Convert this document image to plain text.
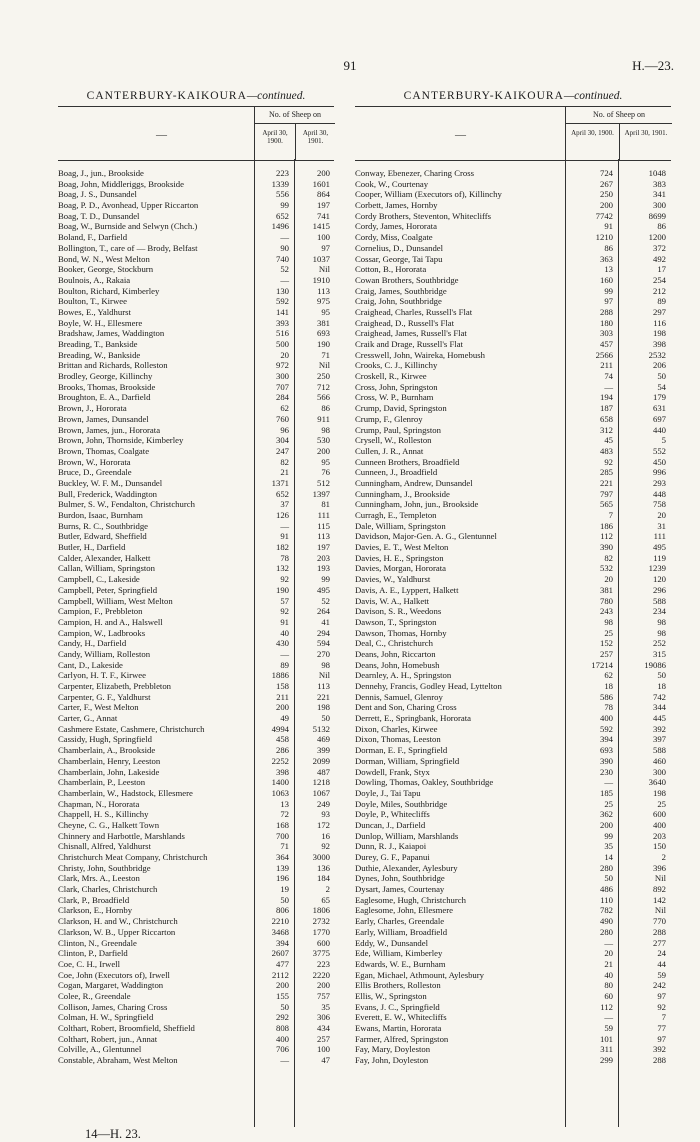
91	H.—23.
CANTERBURY-KAIKOURA—continued.
—
No. of Sheep on
April 30, 1900.
April 30, 1901.
Boag, J., jun., Brookside	223	200
Boag, John, Middleriggs, Brookside	1339	1601
Boag, J. S., Dunsandel	556	864
Boag, P. D., Avonhead, Upper Riccarton	99	197
Boag, T. D., Dunsandel	652	741
Boag, W., Burnside and Selwyn (Chch.)	1496	1415
Boland, F., Darfield	—	100
Bollington, T., care of — Brody, Belfast	90	97
Bond, W. N., West Melton	740	1037
Booker, George, Stockburn	52	Nil
Boulnois, A., Rakaia	—	1910
Boulton, Richard, Kimberley	130	113
Boulton, T., Kirwee	592	975
Bowes, E., Yaldhurst	141	95
Boyle, W. H., Ellesmere	393	381
Bradshaw, James, Waddington	516	693
Breading, T., Bankside	500	190
Breading, W., Bankside	20	71
Brittan and Richards, Rolleston	972	Nil
Brodley, George, Killinchy	300	250
Brooks, Thomas, Brookside	707	712
Broughton, E. A., Darfield	284	566
Brown, J., Hororata	62	86
Brown, James, Dunsandel	760	911
Brown, James, jun., Hororata	96	98
Brown, John, Thornside, Kimberley	304	530
Brown, Thomas, Coalgate	247	200
Brown, W., Hororata	82	95
Bruce, D., Greendale	21	76
Buckley, W. F. M., Dunsandel	1371	512
Bull, Frederick, Waddington	652	1397
Bulmer, S. W., Fendalton, Christchurch	37	81
Burdon, Isaac, Burnham	126	111
Burns, R. C., Southbridge	—	115
Butler, Edward, Sheffield	91	113
Butler, H., Darfield	182	197
Calder, Alexander, Halkett	78	203
Callan, William, Springston	132	193
Campbell, C., Lakeside	92	99
Campbell, Peter, Springfield	190	495
Campbell, William, West Melton	57	52
Campion, F., Prebbleton	92	264
Campion, H. and A., Halswell	91	41
Campion, W., Ladbrooks	40	294
Candy, H., Darfield	430	594
Candy, William, Rolleston	—	270
Cant, D., Lakeside	89	98
Carlyon, H. T. F., Kirwee	1886	Nil
Carpenter, Elizabeth, Prebbleton	158	113
Carpenter, G. F., Yaldhurst	211	221
Carter, F., West Melton	200	198
Carter, G., Annat	49	50
Cashmere Estate, Cashmere, Christchurch	4994	5132
Cassidy, Hugh, Springfield	458	469
Chamberlain, A., Brookside	286	399
Chamberlain, Henry, Leeston	2252	2099
Chamberlain, John, Lakeside	398	487
Chamberlain, P., Leeston	1400	1218
Chamberlain, W., Hadstock, Ellesmere	1063	1067
Chapman, N., Hororata	13	249
Chappell, H. S., Killinchy	72	93
Cheyne, C. G., Halkett Town	168	172
Chinnery and Harbottle, Marshlands	700	16
Chisnall, Alfred, Yaldhurst	71	92
Christchurch Meat Company, Christchurch	364	3000
Christy, John, Southbridge	139	136
Clark, Mrs. A., Leeston	196	184
Clark, Charles, Christchurch	19	2
Clark, P., Broadfield	50	65
Clarkson, E., Hornby	806	1806
Clarkson, H. and W., Christchurch	2210	2732
Clarkson, W. B., Upper Riccarton	3468	1770
Clinton, N., Greendale	394	600
Clinton, P., Darfield	2607	3775
Coe, C. H., Irwell	477	223
Coe, John (Executors of), Irwell	2112	2220
Cogan, Margaret, Waddington	200	200
Colee, R., Greendale	155	757
Collison, James, Charing Cross	50	35
Colman, H. W., Springfield	292	306
Colthart, Robert, Broomfield, Sheffield	808	434
Colthart, Robert, jun., Annat	400	257
Colville, A., Glentunnel	706	100
Constable, Abraham, West Melton	—	47
CANTERBURY-KAIKOURA—continued.
—
No. of Sheep on
April 30, 1900.	April 30, 1901.
Conway, Ebenezer, Charing Cross	724	1048
Cook, W., Courtenay	267	383
Cooper, William (Executors of), Killinchy	250	341
Corbett, James, Hornby	200	300
Cordy Brothers, Steventon, Whitecliffs	7742	8699
Cordy, James, Hororata	91	86
Cordy, Miss, Coalgate	1210	1200
Cornelius, D., Dunsandel	86	372
Cossar, George, Tai Tapu	363	492
Cotton, B., Hororata	13	17
Cowan Brothers, Southbridge	160	254
Craig, James, Southbridge	99	212
Craig, John, Southbridge	97	89
Craighead, Charles, Russell's Flat	288	297
Craighead, D., Russell's Flat	180	116
Craighead, James, Russell's Flat	303	198
Craik and Drage, Russell's Flat	457	398
Cresswell, John, Waireka, Homebush	2566	2532
Crooks, C. J., Killinchy	211	206
Croskell, R., Kirwee	74	50
Cross, John, Springston	—	54
Cross, W. P., Burnham	194	179
Crump, David, Springston	187	631
Crump, F., Glenroy	658	697
Crump, Paul, Springston	312	440
Crysell, W., Rolleston	45	5
Cullen, J. R., Annat	483	552
Cunneen Brothers, Broadfield	92	450
Cunneen, J., Broadfield	285	996
Cunningham, Andrew, Dunsandel	221	293
Cunningham, J., Brookside	797	448
Cunningham, John, jun., Brookside	565	758
Curragh, E., Templeton	7	20
Dale, William, Springston	186	31
Davidson, Major-Gen. A. G., Glentunnel	112	111
Davies, E. T., West Melton	390	495
Davies, H. E., Springston	82	119
Davies, Morgan, Hororata	532	1239
Davies, W., Yaldhurst	20	120
Davis, A. E., Lyppert, Halkett	381	296
Davis, W. A., Halkett	780	588
Davison, S. R., Weedons	243	234
Dawson, T., Springston	98	98
Dawson, Thomas, Hornby	25	98
Deal, C., Christchurch	152	252
Deans, John, Riccarton	257	315
Deans, John, Homebush	17214	19086
Dearnley, A. H., Springston	62	50
Dennehy, Francis, Godley Head, Lyttelton	18	18
Dennis, Samuel, Glenroy	586	742
Dent and Son, Charing Cross	78	344
Derrett, E., Springbank, Hororata	400	445
Dixon, Charles, Kirwee	592	392
Dixon, Thomas, Leeston	394	397
Dorman, E. F., Springfield	693	588
Dorman, William, Springfield	390	460
Dowdell, Frank, Styx	230	300
Dowling, Thomas, Oakley, Southbridge	—	3640
Doyle, J., Tai Tapu	185	198
Doyle, Miles, Southbridge	25	25
Doyle, P., Whitecliffs	362	600
Duncan, J., Darfield	200	400
Dunlop, William, Marshlands	99	203
Dunn, R. J., Kaiapoi	35	150
Durey, G. F., Papanui	14	2
Duthie, Alexander, Aylesbury	280	396
Dynes, John, Southbridge	50	Nil
Dysart, James, Courtenay	486	892
Eaglesome, Hugh, Christchurch	110	142
Eaglesome, John, Ellesmere	782	Nil
Early, Charles, Greendale	490	770
Early, William, Broadfield	280	288
Eddy, W., Dunsandel	—	277
Ede, William, Kimberley	20	24
Edwards, W. E., Burnham	21	44
Egan, Michael, Athmount, Aylesbury	40	59
Ellis Brothers, Rolleston	80	242
Ellis, W., Springston	60	97
Evans, J. C., Springfield	112	92
Everett, E. W., Whitecliffs	—	7
Ewans, Martin, Hororata	59	77
Farmer, Alfred, Springston	101	97
Fay, Mary, Doyleston	311	392
Fay, John, Doyleston	299	288
14—H. 23.
